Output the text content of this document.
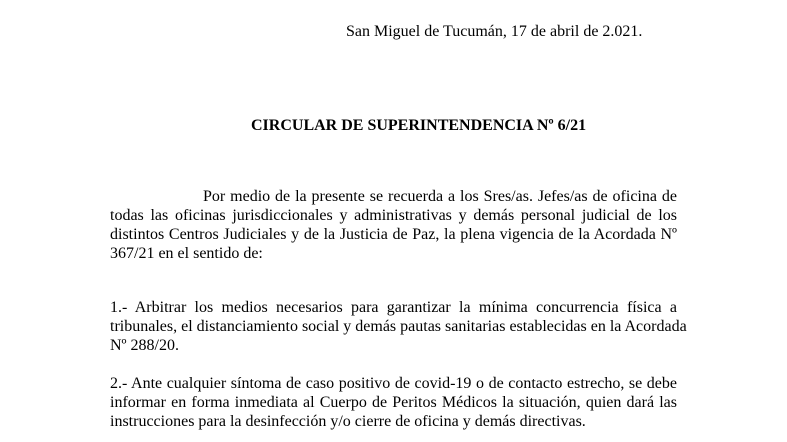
San Miguel de Tucumán, 17 de abril de 2.021.
CIRCULAR DE SUPERINTENDENCIA Nº 6/21
Por medio de la presente se recuerda a los Sres/as. Jefes/as de oficina de
todas las oficinas jurisdiccionales y administrativas y demás personal judicial de los
distintos Centros Judiciales y de la Justicia de Paz, la plena vigencia de la Acordada Nº
367/21 en el sentido de:
1.- Arbitrar los medios necesarios para garantizar la mínima concurrencia física a
tribunales, el distanciamiento social y demás pautas sanitarias establecidas en la Acordada
Nº 288/20.
2.- Ante cualquier síntoma de caso positivo de covid-19 o de contacto estrecho, se debe
informar en forma inmediata al Cuerpo de Peritos Médicos la situación, quien dará las
instrucciones para la desinfección y/o cierre de oficina y demás directivas.
